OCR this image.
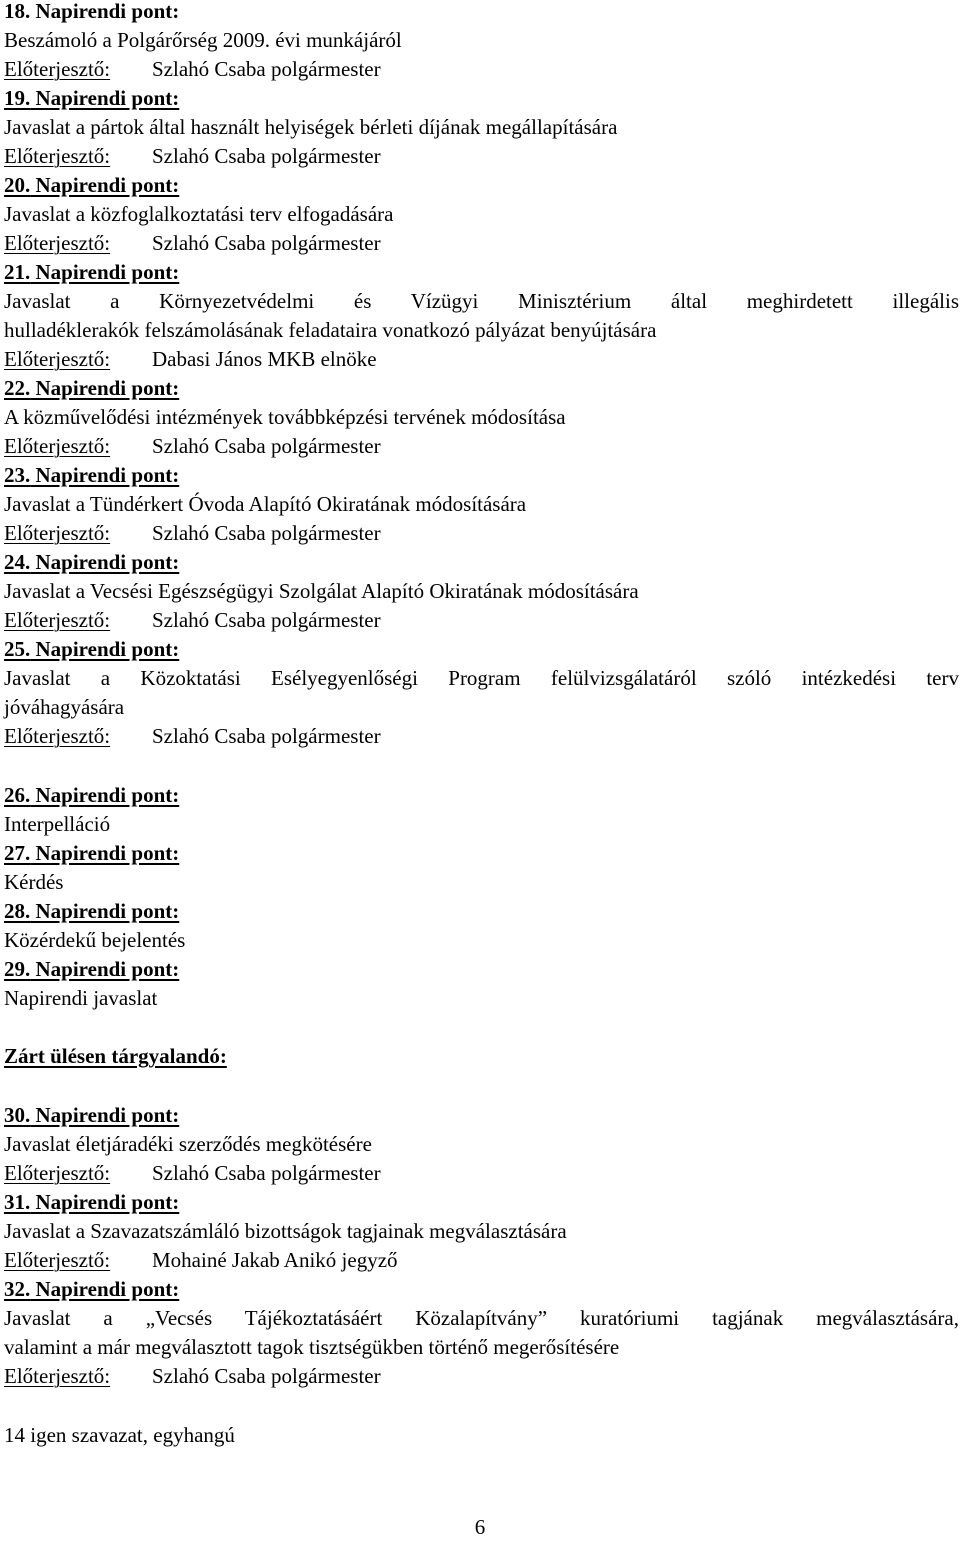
18. Napirendi pont:
Beszámoló a Polgárőrség 2009. évi munkájáról
Előterjesztő: Szlahó Csaba polgármester
19. Napirendi pont:
Javaslat a pártok által használt helyiségek bérleti díjának megállapítására
Előterjesztő: Szlahó Csaba polgármester
20. Napirendi pont:
Javaslat a közfoglalkoztatási terv elfogadására
Előterjesztő: Szlahó Csaba polgármester
21. Napirendi pont:
Javaslat a Környezetvédelmi és Vízügyi Minisztérium által meghirdetett illegális
hulladéklerakók felszámolásának feladataira vonatkozó pályázat benyújtására
Előterjesztő: Dabasi János MKB elnöke
22. Napirendi pont:
A közművelődési intézmények továbbképzési tervének módosítása
Előterjesztő: Szlahó Csaba polgármester
23. Napirendi pont:
Javaslat a Tündérkert Óvoda Alapító Okiratának módosítására
Előterjesztő: Szlahó Csaba polgármester
24. Napirendi pont:
Javaslat a Vecsési Egészségügyi Szolgálat Alapító Okiratának módosítására
Előterjesztő: Szlahó Csaba polgármester
25. Napirendi pont:
Javaslat a Közoktatási Esélyegyenlőségi Program felülvizsgálatáról szóló intézkedési terv
jóváhagyására
Előterjesztő: Szlahó Csaba polgármester
26. Napirendi pont:
Interpelláció
27. Napirendi pont:
Kérdés
28. Napirendi pont:
Közérdekű bejelentés
29. Napirendi pont:
Napirendi javaslat
Zárt ülésen tárgyalandó:
30. Napirendi pont:
Javaslat életjáradéki szerződés megkötésére
Előterjesztő: Szlahó Csaba polgármester
31. Napirendi pont:
Javaslat a Szavazatszámláló bizottságok tagjainak megválasztására
Előterjesztő: Mohainé Jakab Anikó jegyző
32. Napirendi pont:
Javaslat a „Vecsés Tájékoztatásáért Közalapítvány” kuratóriumi tagjának megválasztására,
valamint a már megválasztott tagok tisztségükben történő megerősítésére
Előterjesztő: Szlahó Csaba polgármester
14 igen szavazat, egyhangú
6
